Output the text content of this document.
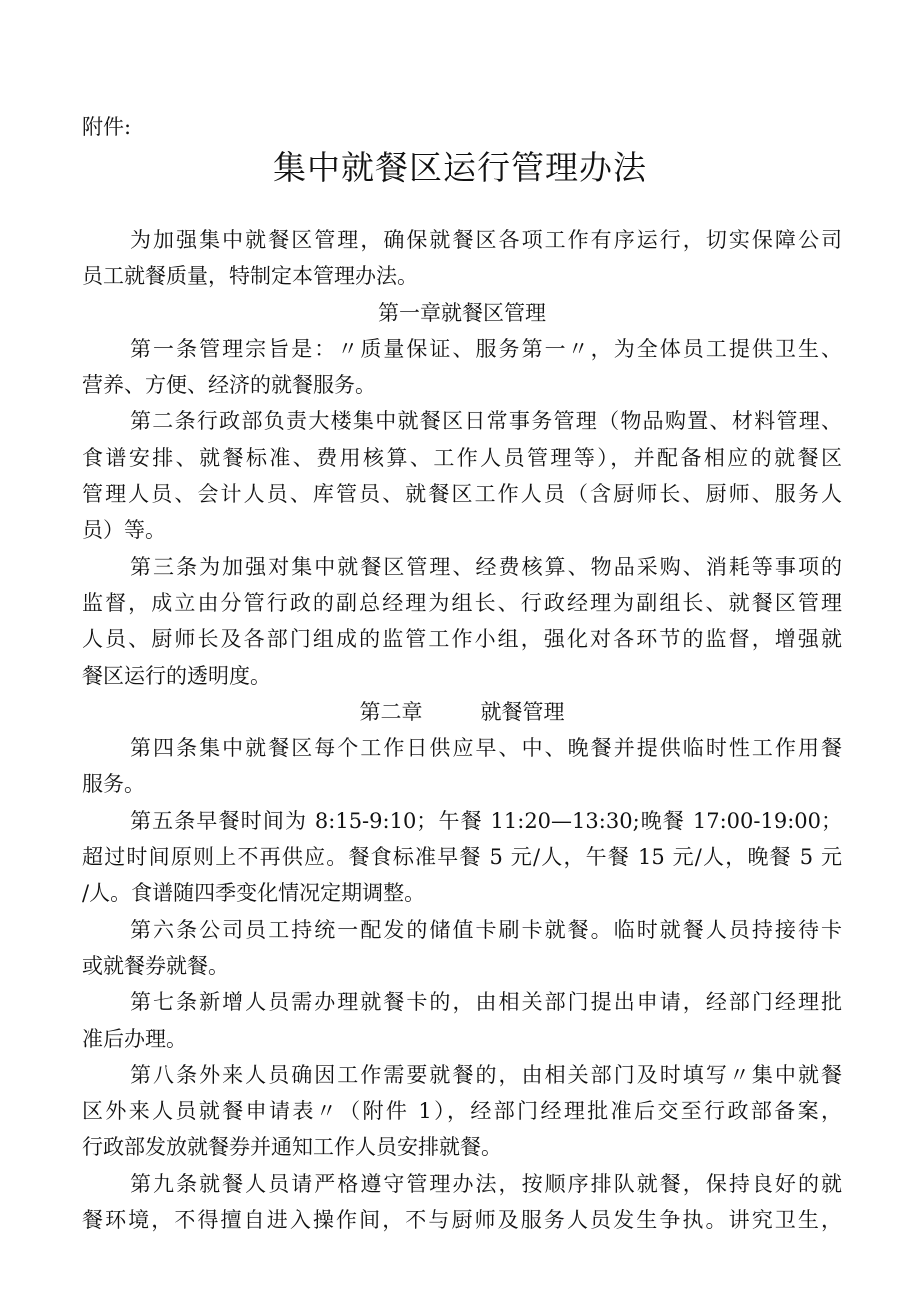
附件:
集中就餐区运行管理办法
为加强集中就餐区管理，确保就餐区各项工作有序运行，切实保障公司
员工就餐质量，特制定本管理办法。
第一章就餐区管理
第一条管理宗旨是：〃质量保证、服务第一〃，为全体员工提供卫生、
营养、方便、经济的就餐服务。
第二条行政部负责大楼集中就餐区日常事务管理（物品购置、材料管理、
食谱安排、就餐标准、费用核算、工作人员管理等），并配备相应的就餐区
管理人员、会计人员、库管员、就餐区工作人员（含厨师长、厨师、服务人
员）等。
第三条为加强对集中就餐区管理、经费核算、物品采购、消耗等事项的
监督，成立由分管行政的副总经理为组长、行政经理为副组长、就餐区管理
人员、厨师长及各部门组成的监管工作小组，强化对各环节的监督，增强就
餐区运行的透明度。
第二章	就餐管理
第四条集中就餐区每个工作日供应早、中、晚餐并提供临时性工作用餐
服务。
第五条早餐时间为 8:15-9:10；午餐 11:20—13:30;晚餐 17:00-19:00；
超过时间原则上不再供应。餐食标准早餐 5 元/人，午餐 15 元/人，晚餐 5 元
/人。食谱随四季变化情况定期调整。
第六条公司员工持统一配发的储值卡刷卡就餐。临时就餐人员持接待卡
或就餐券就餐。
第七条新增人员需办理就餐卡的，由相关部门提出申请，经部门经理批
准后办理。
第八条外来人员确因工作需要就餐的，由相关部门及时填写〃集中就餐
区外来人员就餐申请表〃（附件 1），经部门经理批准后交至行政部备案，
行政部发放就餐券并通知工作人员安排就餐。
第九条就餐人员请严格遵守管理办法，按顺序排队就餐，保持良好的就
餐环境，不得擅自进入操作间，不与厨师及服务人员发生争执。讲究卫生，
